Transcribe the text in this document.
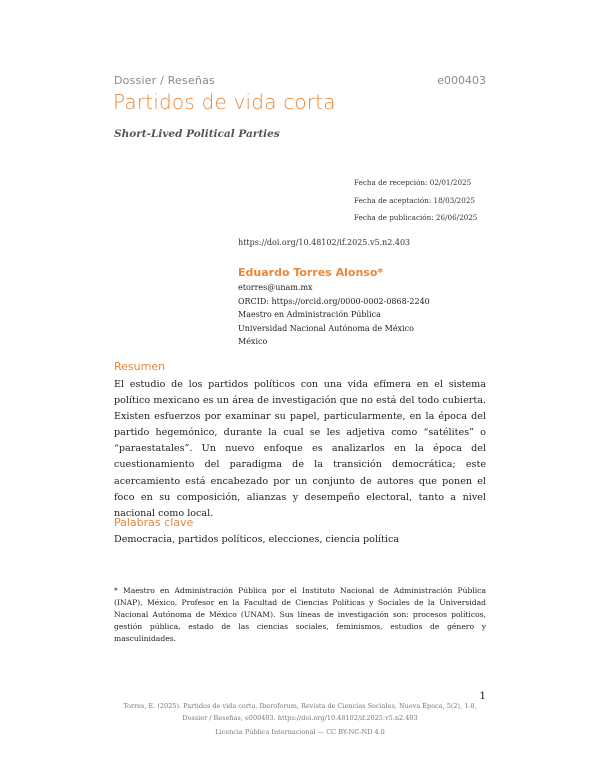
Dossier / Reseñas	e000403
Partidos de vida corta
Short-Lived Political Parties
Fecha de recepción: 02/01/2025
Fecha de aceptación: 18/03/2025
Fecha de publicación: 26/06/2025
https://doi.org/10.48102/if.2025.v5.n2.403
Eduardo Torres Alonso*
etorres@unam.mx
ORCID: https://orcid.org/0000-0002-0868-2240
Maestro en Administración Pública
Universidad Nacional Autónoma de México
México
Resumen
El estudio de los partidos políticos con una vida efímera en el sistema político mexicano es un área de investigación que no está del todo cubierta. Existen esfuerzos por examinar su papel, particularmente, en la época del partido hegemónico, durante la cual se les adjetiva como “satélites” o “paraestatales”. Un nuevo enfoque es analizarlos en la época del cuestionamiento del paradigma de la transición democrática; este acercamiento está encabezado por un conjunto de autores que ponen el foco en su composición, alianzas y desempeño electoral, tanto a nivel nacional como local.
Palabras clave
Democracia, partidos políticos, elecciones, ciencia política
* Maestro en Administración Pública por el Instituto Nacional de Administración Pública (INAP), México. Profesor en la Facultad de Ciencias Políticas y Sociales de la Universidad Nacional Autónoma de México (UNAM). Sus líneas de investigación son: procesos políticos, gestión pública, estado de las ciencias sociales, feminismos, estudios de género y masculinidades.
1
Torres, E. (2025). Partidos de vida corta. Iberoforum, Revista de Ciencias Sociales, Nueva Época, 5(2), 1-8,
Dossier / Reseñas, e000403. https://doi.org/10.48102/if.2025.v5.n2.403
Licencia Pública Internacional — CC BY-NC-ND 4.0
